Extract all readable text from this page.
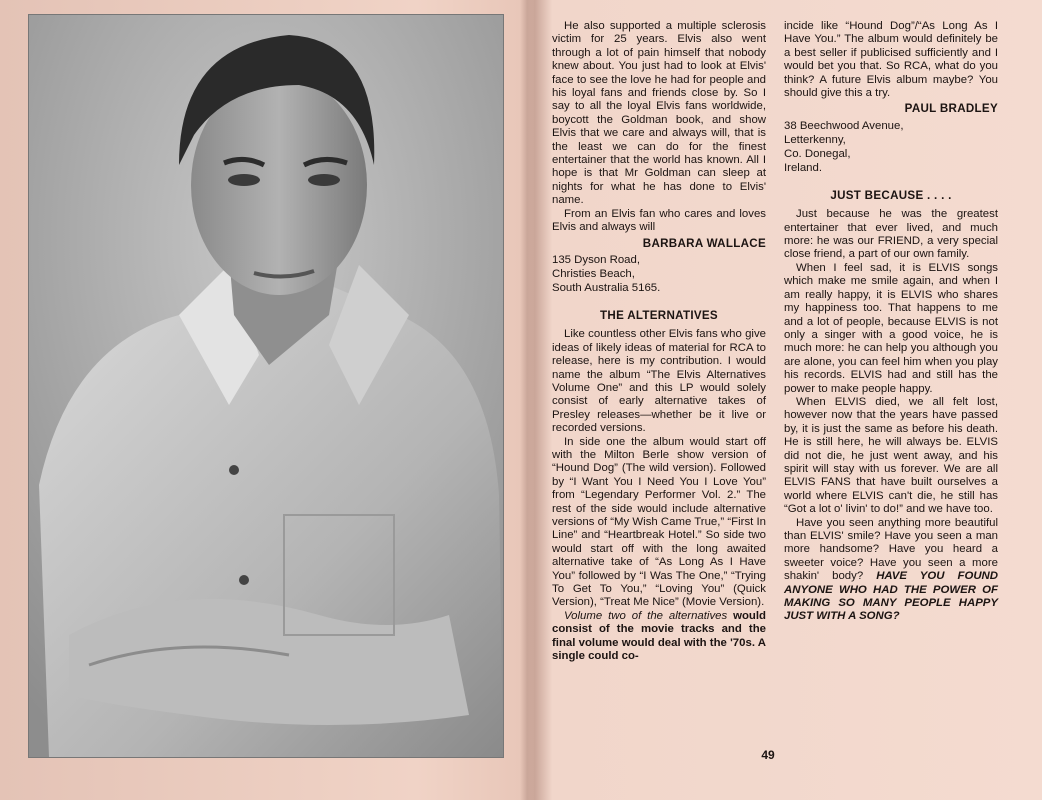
He also supported a multiple sclerosis victim for 25 years. Elvis also went through a lot of pain himself that nobody knew about. You just had to look at Elvis' face to see the love he had for people and his loyal fans and friends close by. So I say to all the loyal Elvis fans worldwide, boycott the Goldman book, and show Elvis that we care and always will, that is the least we can do for the finest entertainer that the world has known. All I hope is that Mr Goldman can sleep at nights for what he has done to Elvis' name.

From an Elvis fan who cares and loves Elvis and always will

BARBARA WALLACE
135 Dyson Road,
Christies Beach,
South Australia 5165.
THE ALTERNATIVES

Like countless other Elvis fans who give ideas of likely ideas of material for RCA to release, here is my contribution. I would name the album “The Elvis Alternatives Volume One” and this LP would solely consist of early alternative takes of Presley releases—whether be it live or recorded versions.

In side one the album would start off with the Milton Berle show version of “Hound Dog” (The wild version). Followed by “I Want You I Need You I Love You” from “Legendary Performer Vol. 2.” The rest of the side would include alternative versions of “My Wish Came True,” “First In Line” and “Heartbreak Hotel.” So side two would start off with the long awaited alternative take of “As Long As I Have You” followed by “I Was The One,” “Trying To Get To You,” “Loving You” (Quick Version), “Treat Me Nice” (Movie Version).

Volume two of the alternatives would consist of the movie tracks and the final volume would deal with the '70s. A single could co-

incide like “Hound Dog”/“As Long As I Have You.” The album would definitely be a best seller if publicised sufficiently and I would bet you that. So RCA, what do you think? A future Elvis album maybe? You should give this a try.

PAUL BRADLEY
38 Beechwood Avenue,
Letterkenny,
Co. Donegal,
Ireland.
JUST BECAUSE . . . .

Just because he was the greatest entertainer that ever lived, and much more: he was our FRIEND, a very special close friend, a part of our own family.

When I feel sad, it is ELVIS songs which make me smile again, and when I am really happy, it is ELVIS who shares my happiness too. That happens to me and a lot of people, because ELVIS is not only a singer with a good voice, he is much more: he can help you although you are alone, you can feel him when you play his records. ELVIS had and still has the power to make people happy.

When ELVIS died, we all felt lost, however now that the years have passed by, it is just the same as before his death. He is still here, he will always be. ELVIS did not die, he just went away, and his spirit will stay with us forever. We are all ELVIS FANS that have built ourselves a world where ELVIS can't die, he still has “Got a lot o' livin' to do!” and we have too.

Have you seen anything more beautiful than ELVIS' smile? Have you seen a man more handsome? Have you heard a sweeter voice? Have you seen a more shakin' body? HAVE YOU FOUND ANYONE WHO HAD THE POWER OF MAKING SO MANY PEOPLE HAPPY JUST WITH A SONG?

49
